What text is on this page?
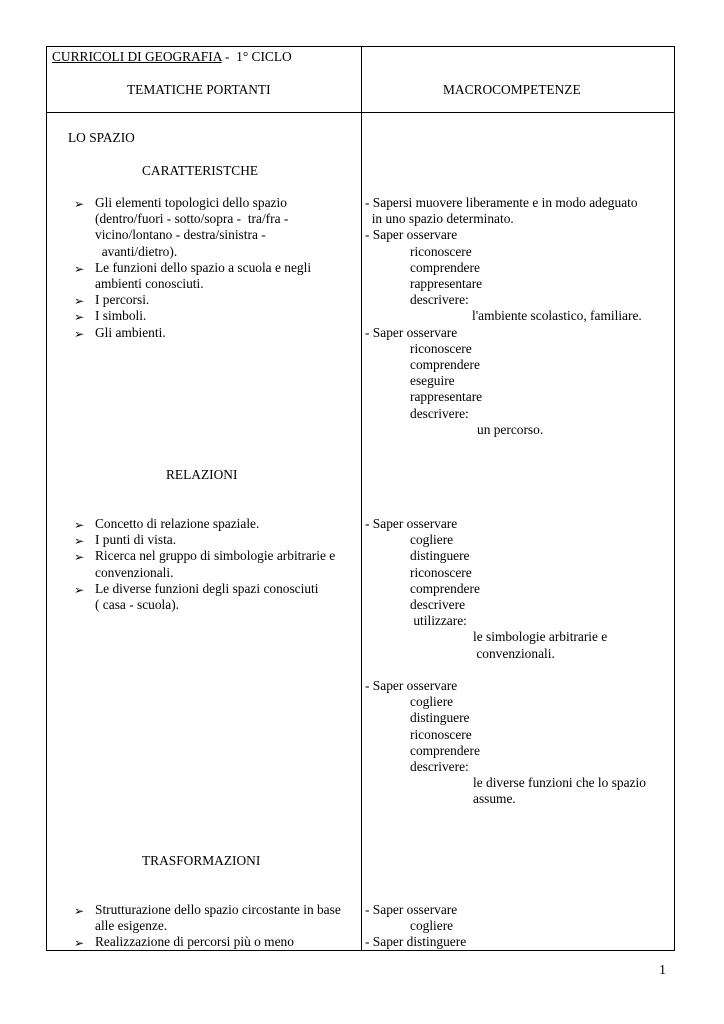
CURRICOLI DI GEOGRAFIA -  1° CICLO
TEMATICHE PORTANTI	MACROCOMPETENZE
LO SPAZIO
CARATTERISTCHE
➢ Gli elementi topologici dello spazio
(dentro/fuori - sotto/sopra -  tra/fra -
vicino/lontano - destra/sinistra -
avanti/dietro).
➢ Le funzioni dello spazio a scuola e negli
ambienti conosciuti.
➢ I percorsi.
➢ I simboli.
➢ Gli ambienti.
RELAZIONI
➢ Concetto di relazione spaziale.
➢ I punti di vista.
➢ Ricerca nel gruppo di simbologie arbitrarie e
convenzionali.
➢ Le diverse funzioni degli spazi conosciuti
( casa - scuola).
TRASFORMAZIONI
➢ Strutturazione dello spazio circostante in base
alle esigenze.
➢ Realizzazione di percorsi più o meno
- Sapersi muovere liberamente e in modo adeguato
in uno spazio determinato.
- Saper osservare
riconoscere
comprendere
rappresentare
descrivere:
l'ambiente scolastico, familiare.
- Saper osservare
riconoscere
comprendere
eseguire
rappresentare
descrivere:
un percorso.
- Saper osservare
cogliere
distinguere
riconoscere
comprendere
descrivere
utilizzare:
le simbologie arbitrarie e
convenzionali.
- Saper osservare
cogliere
distinguere
riconoscere
comprendere
descrivere:
le diverse funzioni che lo spazio
assume.
- Saper osservare
cogliere
- Saper distinguere
1
